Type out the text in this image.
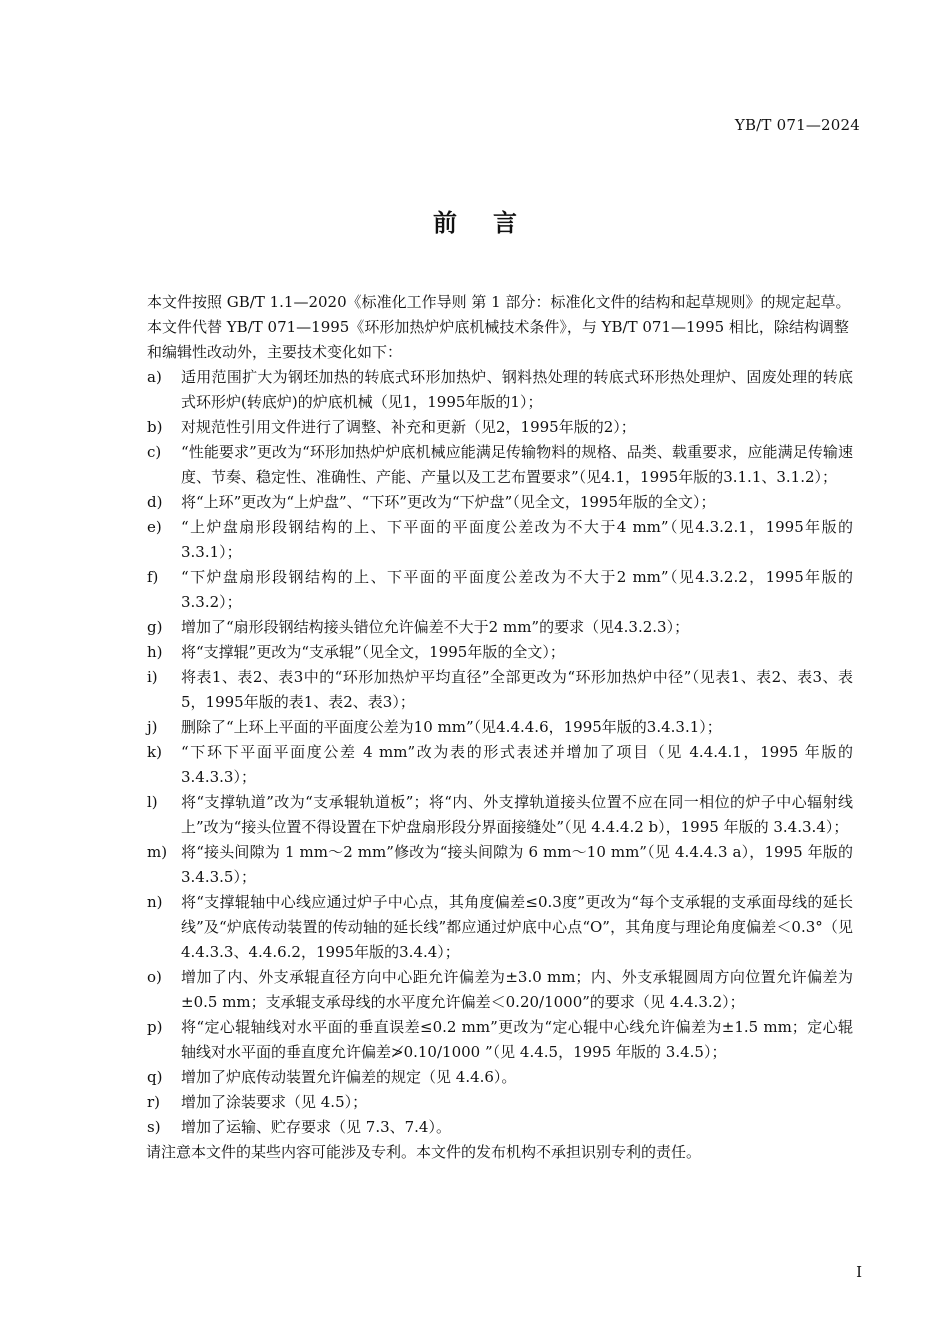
YB/T 071—2024
前言

本文件按照 GB/T 1.1—2020《标准化工作导则 第 1 部分：标准化文件的结构和起草规则》的规定起草。

本文件代替 YB/T 071—1995《环形加热炉炉底机械技术条件》，与 YB/T 071—1995 相比，除结构调整和编辑性改动外，主要技术变化如下：

a)	适用范围扩大为钢坯加热的转底式环形加热炉、钢料热处理的转底式环形热处理炉、固废处理的转底式环形炉(转底炉)的炉底机械（见1，1995年版的1）；
b)	对规范性引用文件进行了调整、补充和更新（见2，1995年版的2）；
c)	“性能要求”更改为“环形加热炉炉底机械应能满足传输物料的规格、品类、载重要求，应能满足传输速度、节奏、稳定性、准确性、产能、产量以及工艺布置要求”（见4.1，1995年版的3.1.1、3.1.2）；
d)	将“上环”更改为“上炉盘”、“下环”更改为“下炉盘”（见全文，1995年版的全文）；
e)	“上炉盘扇形段钢结构的上、下平面的平面度公差改为不大于4 mm”（见4.3.2.1，1995年版的3.3.1）；
f)	“下炉盘扇形段钢结构的上、下平面的平面度公差改为不大于2 mm”（见4.3.2.2，1995年版的3.3.2）；
g)	增加了“扇形段钢结构接头错位允许偏差不大于2 mm”的要求（见4.3.2.3）；
h)	将“支撑辊”更改为“支承辊”（见全文，1995年版的全文）；
i)	将表1、表2、表3中的“环形加热炉平均直径”全部更改为“环形加热炉中径”（见表1、表2、表3、表5，1995年版的表1、表2、表3）；
j)	删除了“上环上平面的平面度公差为10 mm”（见4.4.4.6，1995年版的3.4.3.1）；
k)	“下环下平面平面度公差 4 mm”改为表的形式表述并增加了项目（见 4.4.4.1，1995 年版的 3.4.3.3）；
l)	将“支撑轨道”改为“支承辊轨道板”；将“内、外支撑轨道接头位置不应在同一相位的炉子中心辐射线上”改为“接头位置不得设置在下炉盘扇形段分界面接缝处”（见 4.4.4.2 b），1995 年版的 3.4.3.4）；
m) 将“接头间隙为 1 mm～2 mm”修改为“接头间隙为 6 mm～10 mm”（见 4.4.4.3 a），1995 年版的 3.4.3.5）；
n)	将“支撑辊轴中心线应通过炉子中心点，其角度偏差≤0.3度”更改为“每个支承辊的支承面母线的延长线”及“炉底传动装置的传动轴的延长线”都应通过炉底中心点“O”，其角度与理论角度偏差＜0.3°（见4.4.3.3、4.4.6.2，1995年版的3.4.4）；
o)	增加了内、外支承辊直径方向中心距允许偏差为±3.0 mm；内、外支承辊圆周方向位置允许偏差为±0.5 mm；支承辊支承母线的水平度允许偏差＜0.20/1000”的要求（见 4.4.3.2）；
p)	将“定心辊轴线对水平面的垂直误差≤0.2 mm”更改为“定心辊中心线允许偏差为±1.5 mm；定心辊轴线对水平面的垂直度允许偏差≯0.10/1000 ”（见 4.4.5，1995 年版的 3.4.5）；
q)	增加了炉底传动装置允许偏差的规定（见 4.4.6）。
r)	增加了涂装要求（见 4.5）；
s)	增加了运输、贮存要求（见 7.3、7.4）。

请注意本文件的某些内容可能涉及专利。本文件的发布机构不承担识别专利的责任。

I
